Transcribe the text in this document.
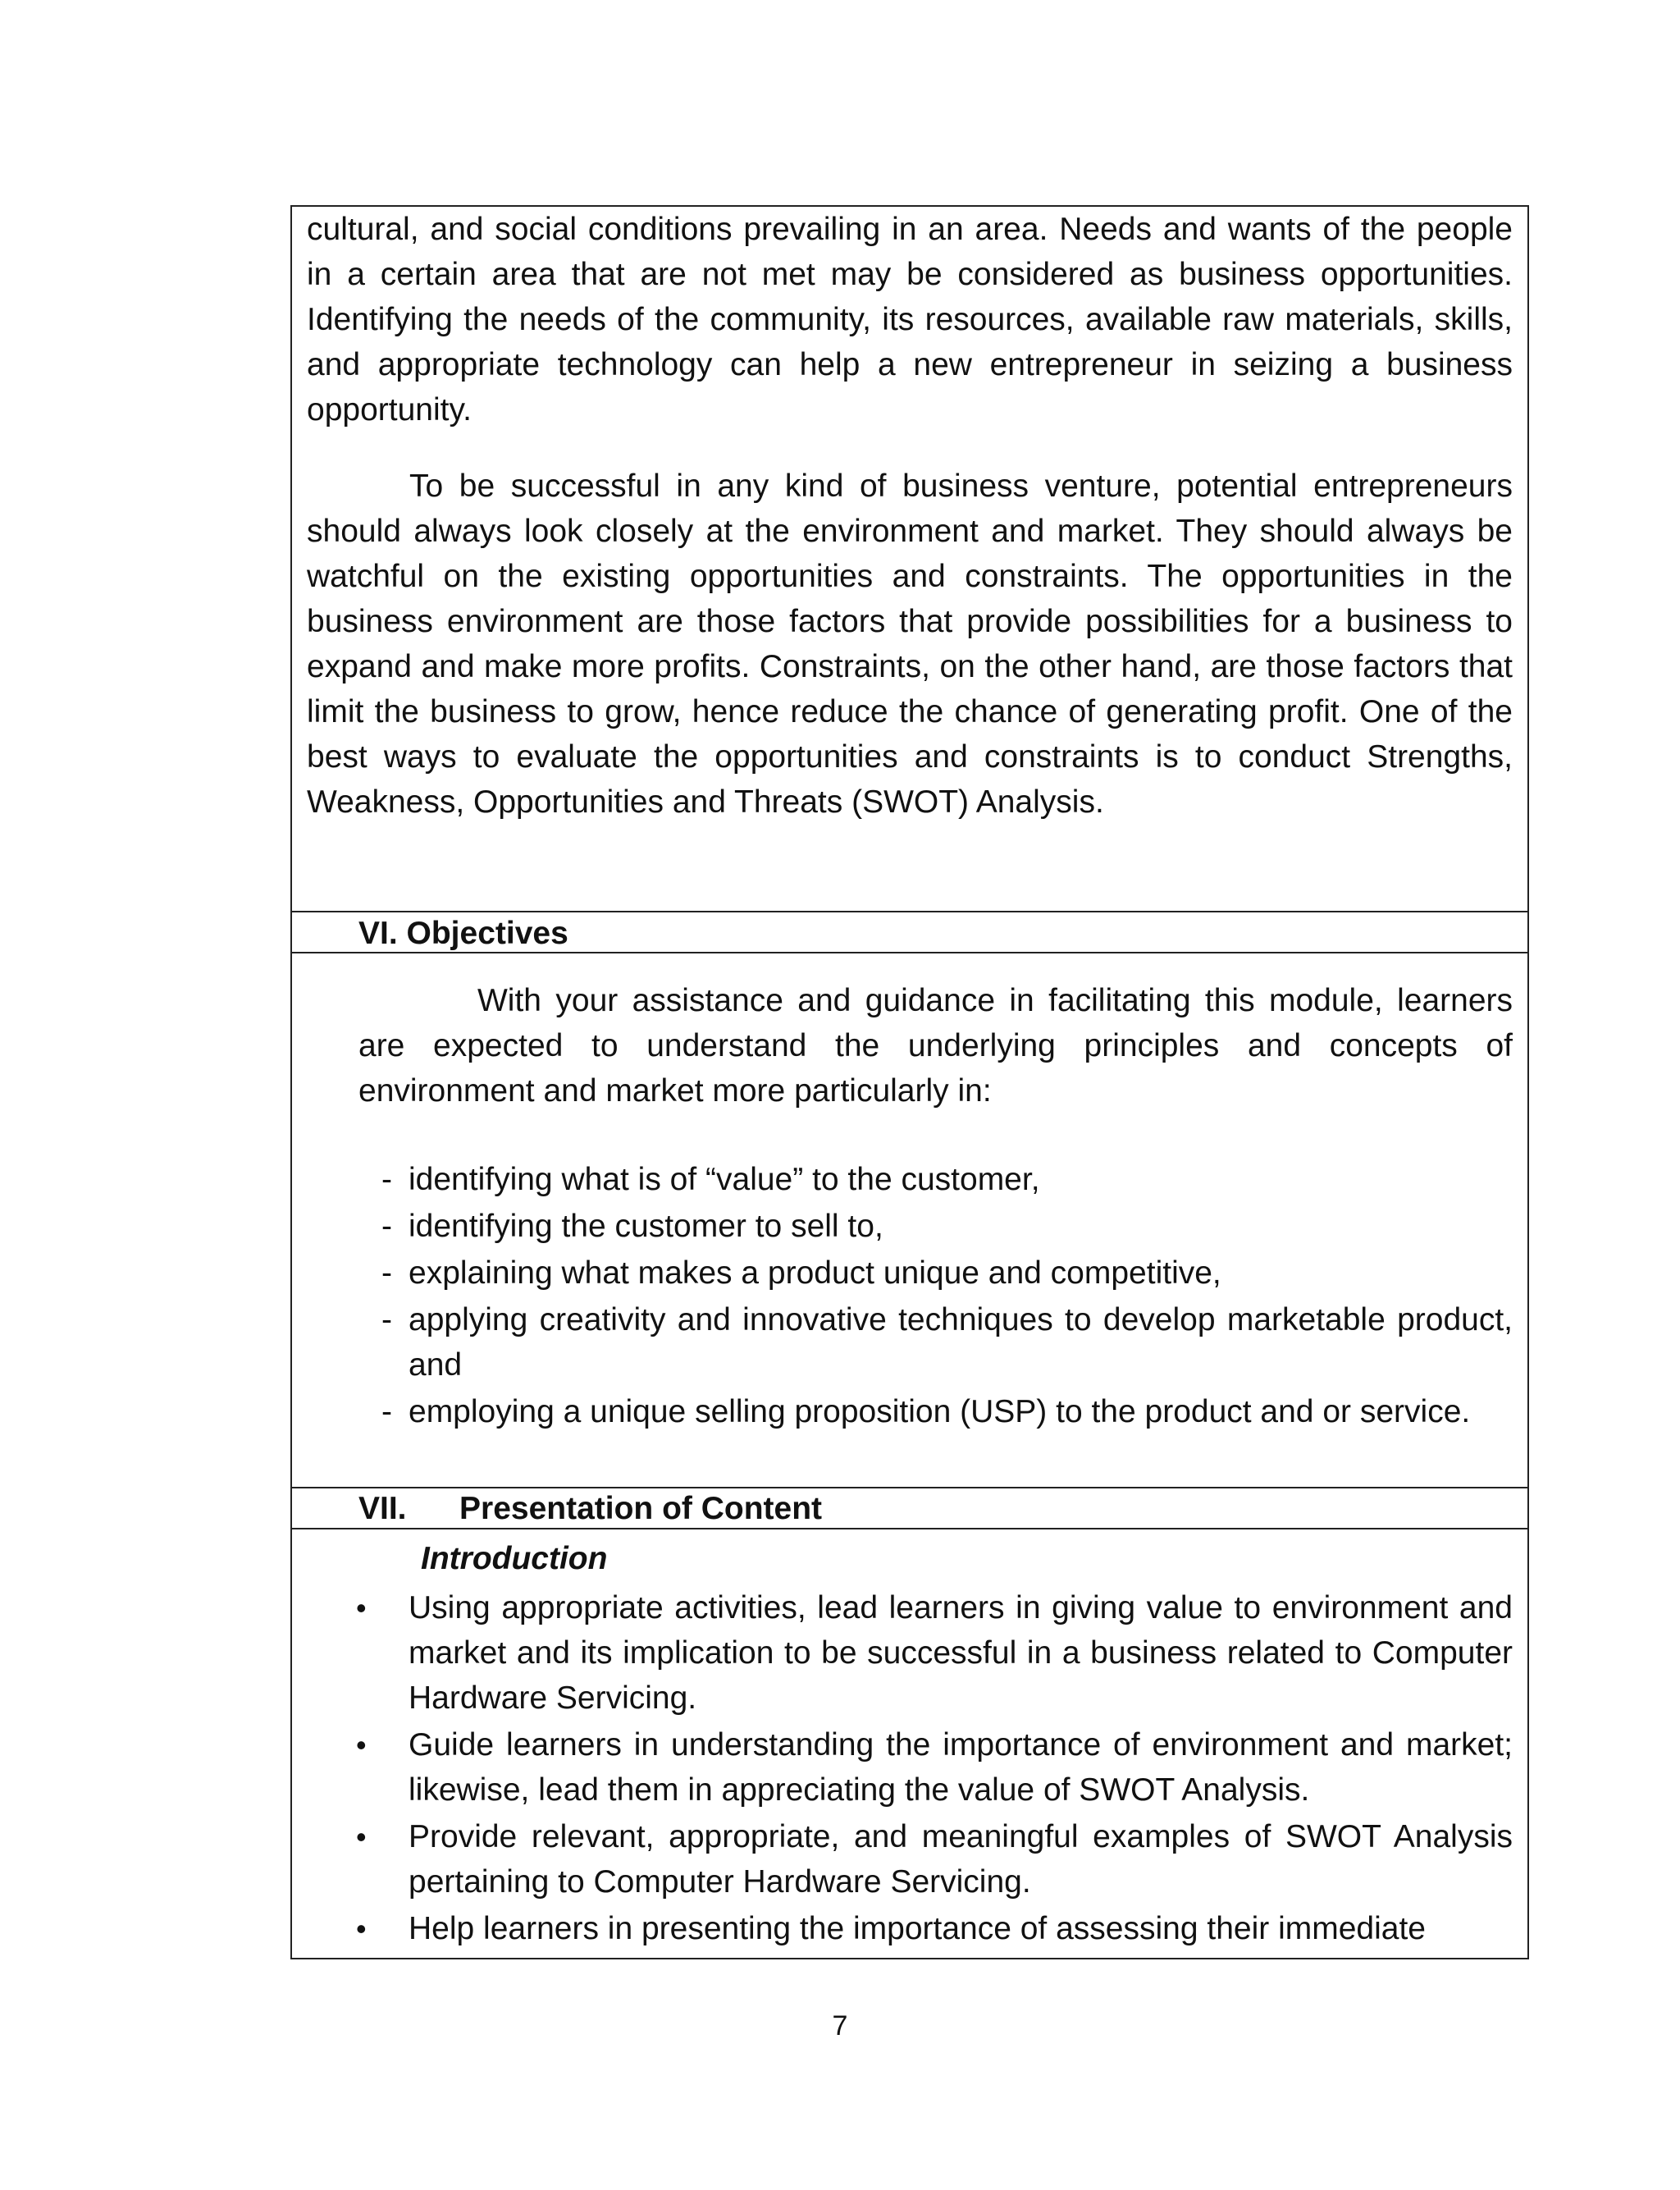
cultural, and social conditions prevailing in an area. Needs and wants of the people in a certain area that are not met may be considered as business opportunities. Identifying the needs of the community, its resources, available raw materials, skills, and appropriate technology can help a new entrepreneur in seizing a business opportunity.

To be successful in any kind of business venture, potential entrepreneurs should always look closely at the environment and market. They should always be watchful on the existing opportunities and constraints. The opportunities in the business environment are those factors that provide possibilities for a business to expand and make more profits. Constraints, on the other hand, are those factors that limit the business to grow, hence reduce the chance of generating profit. One of the best ways to evaluate the opportunities and constraints is to conduct Strengths, Weakness, Opportunities and Threats (SWOT) Analysis.

VI. Objectives

With your assistance and guidance in facilitating this module, learners are expected to understand the underlying principles and concepts of environment and market more particularly in:

- identifying what is of “value” to the customer,
- identifying the customer to sell to,
- explaining what makes a product unique and competitive,
- applying creativity and innovative techniques to develop marketable product, and
- employing a unique selling proposition (USP) to the product and or service.
VII. Presentation of Content
Introduction
• Using appropriate activities, lead learners in giving value to environment and market and its implication to be successful in a business related to Computer Hardware Servicing.
• Guide learners in understanding the importance of environment and market; likewise, lead them in appreciating the value of SWOT Analysis.
• Provide relevant, appropriate, and meaningful examples of SWOT Analysis pertaining to Computer Hardware Servicing.
• Help learners in presenting the importance of assessing their immediate
7
